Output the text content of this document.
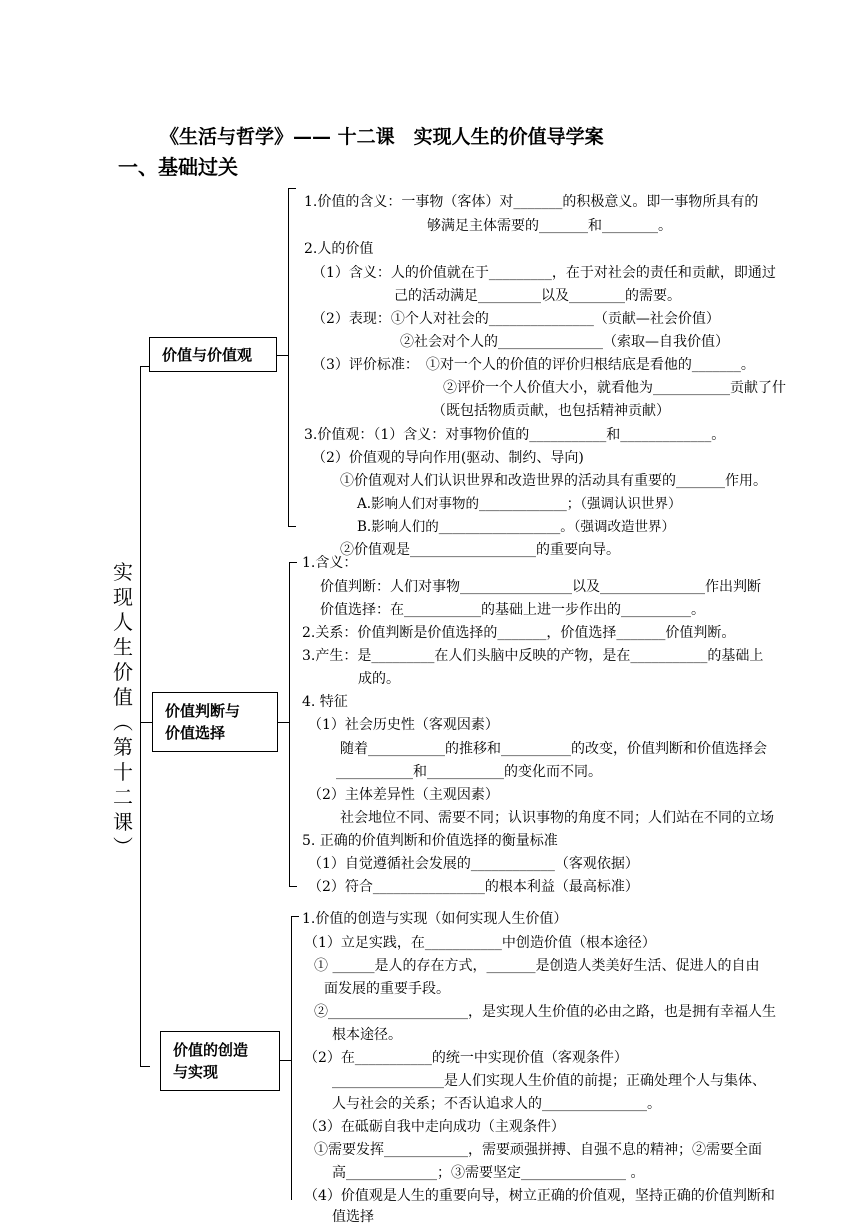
《生活与哲学》—— 十二课　实现人生的价值导学案
一、基础过关
实
现
人
生
价
值
︵
第
十
二
课
︶
价值与价值观
价值判断与
价值选择
价值的创造
与实现
1.价值的含义：一事物（客体）对_______的积极意义。即一事物所具有的
够满足主体需要的_______和________。
2.人的价值
（1）含义：人的价值就在于_________，在于对社会的责任和贡献，即通过
己的活动满足_________以及________的需要。
（2）表现：①个人对社会的_______________（贡献—社会价值）
②社会对个人的_______________（索取—自我价值）
（3）评价标准：　①对一个人的价值的评价归根结底是看他的_______。
②评价一个人价值大小，就看他为___________贡献了什
（既包括物质贡献，也包括精神贡献）
3.价值观：（1）含义：对事物价值的___________和_____________。
（2）价值观的导向作用(驱动、制约、导向)
①价值观对人们认识世界和改造世界的活动具有重要的_______作用。
A.影响人们对事物的_____________；（强调认识世界）
B.影响人们的__________________。（强调改造世界）
②价值观是__________________的重要向导。
1.含义：
价值判断：人们对事物________________以及_______________作出判断
价值选择：在___________的基础上进一步作出的__________。
2.关系：价值判断是价值选择的_______，价值选择_______价值判断。
3.产生：是_________在人们头脑中反映的产物，是在___________的基础上
成的。
4. 特征
（1）社会历史性（客观因素）
随着___________的推移和__________的改变，价值判断和价值选择会
___________和___________的变化而不同。
（2）主体差异性（主观因素）
社会地位不同、需要不同；认识事物的角度不同；人们站在不同的立场
5. 正确的价值判断和价值选择的衡量标准
（1）自觉遵循社会发展的____________（客观依据）
（2）符合________________的根本利益（最高标准）
1.价值的创造与实现（如何实现人生价值）
（1）立足实践，在___________中创造价值（根本途径）
① ______是人的存在方式，_______是创造人类美好生活、促进人的自由
面发展的重要手段。
②____________________，是实现人生价值的必由之路，也是拥有幸福人生
根本途径。
（2）在___________的统一中实现价值（客观条件）
________________是人们实现人生价值的前提；正确处理个人与集体、
人与社会的关系；不否认追求人的_______________。
（3）在砥砺自我中走向成功（主观条件）
①需要发挥____________，需要顽强拼搏、自强不息的精神；②需要全面
高_____________；③需要坚定_______________ 。
（4）价值观是人生的重要向导，树立正确的价值观，坚持正确的价值判断和
值选择
